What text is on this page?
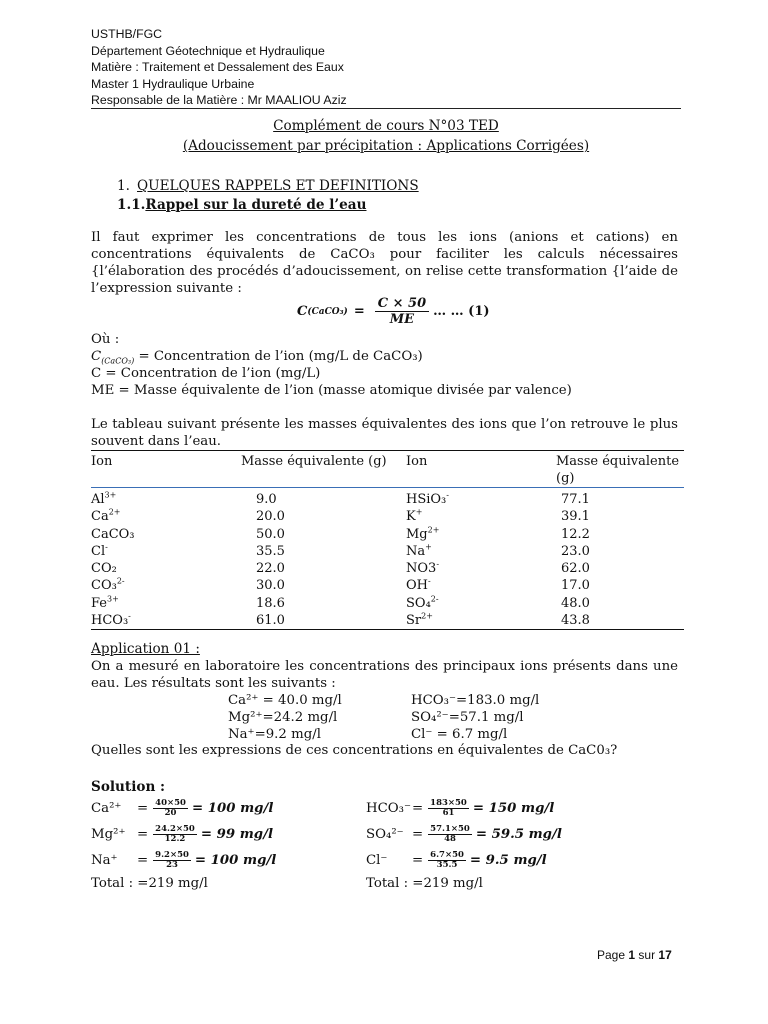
USTHB/FGC
Département Géotechnique et Hydraulique
Matière : Traitement et Dessalement des Eaux
Master 1 Hydraulique Urbaine
Responsable de la Matière : Mr MAALIOU Aziz
Complément de cours N°03 TED
(Adoucissement par précipitation : Applications Corrigées)
1. QUELQUES RAPPELS ET DEFINITIONS
1.1.Rappel sur la dureté de l’eau
Il faut exprimer les concentrations de tous les ions (anions et cations) en concentrations équivalents de CaCO₃ pour faciliter les calculs nécessaires {l’élaboration des procédés d’adoucissement, on relise cette transformation {l’aide de l’expression suivante :
C (CaCO₃) = $\frac{C \times 50}{ME}$ … … (1)
Où :
$C_{(CaCO_3)}$ = Concentration de l’ion (mg/L de CaCO₃)
C = Concentration de l’ion (mg/L)
ME = Masse équivalente de l’ion (masse atomique divisée par valence)
Le tableau suivant présente les masses équivalentes des ions que l’on retrouve le plus souvent dans l’eau.
Ion	Masse équivalente (g)	Ion	Masse équivalente (g)
$Al^{3+}$	9.0	HSiO₃-	77.1
$Ca^{2+}$	20.0	K+	39.1
CaCO₃	50.0	$Mg^{2+}$	12.2
Cl-	35.5	Na+	23.0
CO₂	22.0	NO3-	62.0
CO₃$^{2-}$	30.0	OH-	17.0
$Fe^{3+}$	18.6	SO₄$^{2-}$	48.0
HCO₃-	61.0	$Sr^{2+}$	43.8
Application 01 :
On a mesuré en laboratoire les concentrations des principaux ions présents dans une eau. Les résultats sont les suivants :
Ca²⁺ = 40.0 mg/l	HCO₃⁻=183.0 mg/l
Mg²⁺=24.2 mg/l	SO₄²⁻=57.1 mg/l
Na⁺=9.2 mg/l	Cl⁻ = 6.7 mg/l
Quelles sont les expressions de ces concentrations en équivalentes de CaC0₃?
Solution :
Ca²⁺	= $\frac{40\times 50}{20} = 100$ mg/l	$HCO_3^- = \frac{183\times 50}{61} = 150$ mg/l
$Mg^{2+} = \frac{24.2\times 50}{12.2} = 99$ mg/l	$SO_4^{2-} = \frac{57.1\times 50}{48} = 59.5$ mg/l
Na⁺	= $\frac{9.2\times 50}{23} = 100$ mg/l	Cl⁻	= $\frac{6.7\times 50}{35.5} = 9.5$ mg/l
Total : =219 mg/l	Total : =219 mg/l
Page 1 sur 17
